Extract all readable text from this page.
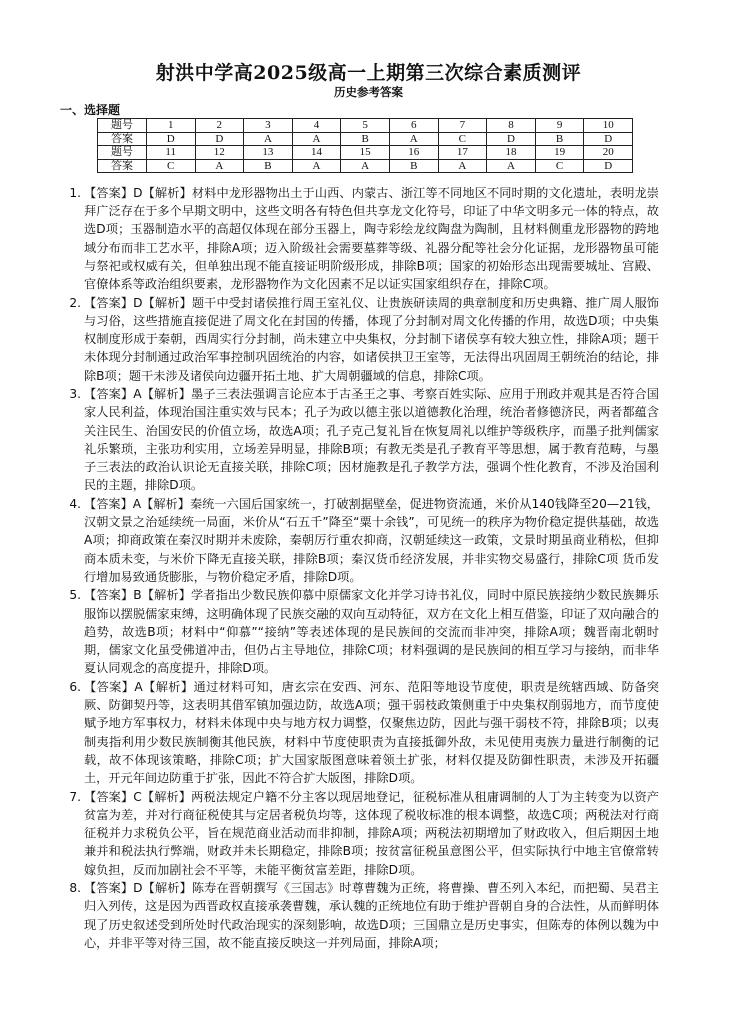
射洪中学高2025级高一上期第三次综合素质测评
历史参考答案
一、选择题
题号	1	2	3	4	5	6	7	8	9	10
答案	D	D	A	A	B	A	C	D	B	D
题号	11	12	13	14	15	16	17	18	19	20
答案	C	A	B	A	A	B	A	A	C	D
1. 【答案】D【解析】材料中龙形器物出土于山西、内蒙古、浙江等不同地区不同时期的文化遗址，表明龙崇拜广泛存在于多个早期文明中，这些文明各有特色但共享龙文化符号，印证了中华文明多元一体的特点，故选D项；玉器制造水平的高超仅体现在部分玉器上，陶寺彩绘龙纹陶盘为陶制，且材料侧重龙形器物的跨地域分布而非工艺水平，排除A项；迈入阶级社会需要墓葬等级、礼器分配等社会分化证据，龙形器物虽可能与祭祀或权威有关，但单独出现不能直接证明阶级形成，排除B项；国家的初始形态出现需要城址、宫殿、官僚体系等政治组织要素，龙形器物作为文化因素不足以证实国家组织存在，排除C项。
2. 【答案】D【解析】题干中受封诸侯推行周王室礼仪、让贵族研读周的典章制度和历史典籍、推广周人服饰与习俗，这些措施直接促进了周文化在封国的传播，体现了分封制对周文化传播的作用，故选D项；中央集权制度形成于秦朝，西周实行分封制，尚未建立中央集权，分封制下诸侯享有较大独立性，排除A项；题干未体现分封制通过政治军事控制巩固统治的内容，如诸侯拱卫王室等，无法得出巩固周王朝统治的结论，排除B项；题干未涉及诸侯向边疆开拓土地、扩大周朝疆域的信息，排除C项。
3. 【答案】A【解析】墨子三表法强调言论应本于古圣王之事、考察百姓实际、应用于刑政并观其是否符合国家人民利益，体现治国注重实效与民本；孔子为政以德主张以道德教化治理，统治者修德济民，两者都蕴含关注民生、治国安民的价值立场，故选A项；孔子克己复礼旨在恢复周礼以维护等级秩序，而墨子批判儒家礼乐繁琐，主张功利实用，立场差异明显，排除B项；有教无类是孔子教育平等思想，属于教育范畴，与墨子三表法的政治认识论无直接关联，排除C项；因材施教是孔子教学方法，强调个性化教育，不涉及治国利民的主题，排除D项。
4. 【答案】A【解析】秦统一六国后国家统一，打破割据壁垒，促进物资流通，米价从140钱降至20—21钱，汉朝文景之治延续统一局面，米价从“石五千”降至“粟十余钱”，可见统一的秩序为物价稳定提供基础，故选A项；抑商政策在秦汉时期并未废除，秦朝厉行重农抑商，汉朝延续这一政策，文景时期虽商业稍松，但抑商本质未变，与米价下降无直接关联，排除B项；秦汉货币经济发展，并非实物交易盛行，排除C项 货币发行增加易致通货膨胀，与物价稳定矛盾，排除D项。
5. 【答案】B【解析】学者指出少数民族仰慕中原儒家文化并学习诗书礼仪，同时中原民族接纳少数民族舞乐服饰以摆脱儒家束缚，这明确体现了民族交融的双向互动特征，双方在文化上相互借鉴，印证了双向融合的趋势，故选B项；材料中“仰慕”“接纳”等表述体现的是民族间的交流而非冲突，排除A项；魏晋南北朝时期，儒家文化虽受佛道冲击，但仍占主导地位，排除C项；材料强调的是民族间的相互学习与接纳，而非华夏认同观念的高度提升，排除D项。
6. 【答案】A【解析】通过材料可知，唐玄宗在安西、河东、范阳等地设节度使，职责是统辖西域、防备突厥、防御契丹等，这表明其借军镇加强边防，故选A项；强干弱枝政策侧重于中央集权削弱地方，而节度使赋予地方军事权力，材料未体现中央与地方权力调整，仅聚焦边防，因此与强干弱枝不符，排除B项；以夷制夷指利用少数民族制衡其他民族，材料中节度使职责为直接抵御外敌，未见使用夷族力量进行制衡的记载，故不体现该策略，排除C项；扩大国家版图意味着领土扩张，材料仅提及防御性职责，未涉及开拓疆土，开元年间边防重于扩张，因此不符合扩大版图，排除D项。
7. 【答案】C【解析】两税法规定户籍不分主客以现居地登记，征税标准从租庸调制的人丁为主转变为以资产贫富为差，并对行商征税使其与定居者税负均等，这体现了税收标准的根本调整，故选C项；两税法对行商征税并力求税负公平，旨在规范商业活动而非抑制，排除A项；两税法初期增加了财政收入，但后期因土地兼并和税法执行弊端，财政并未长期稳定，排除B项；按贫富征税虽意图公平，但实际执行中地主官僚常转嫁负担，反而加剧社会不平等，未能平衡贫富差距，排除D项。
8. 【答案】D【解析】陈寿在晋朝撰写《三国志》时尊曹魏为正统，将曹操、曹丕列入本纪，而把蜀、吴君主归入列传，这是因为西晋政权直接承袭曹魏，承认魏的正统地位有助于维护晋朝自身的合法性，从而鲜明体现了历史叙述受到所处时代政治现实的深刻影响，故选D项；三国鼎立是历史事实，但陈寿的体例以魏为中心，并非平等对待三国，故不能直接反映这一并列局面，排除A项；
